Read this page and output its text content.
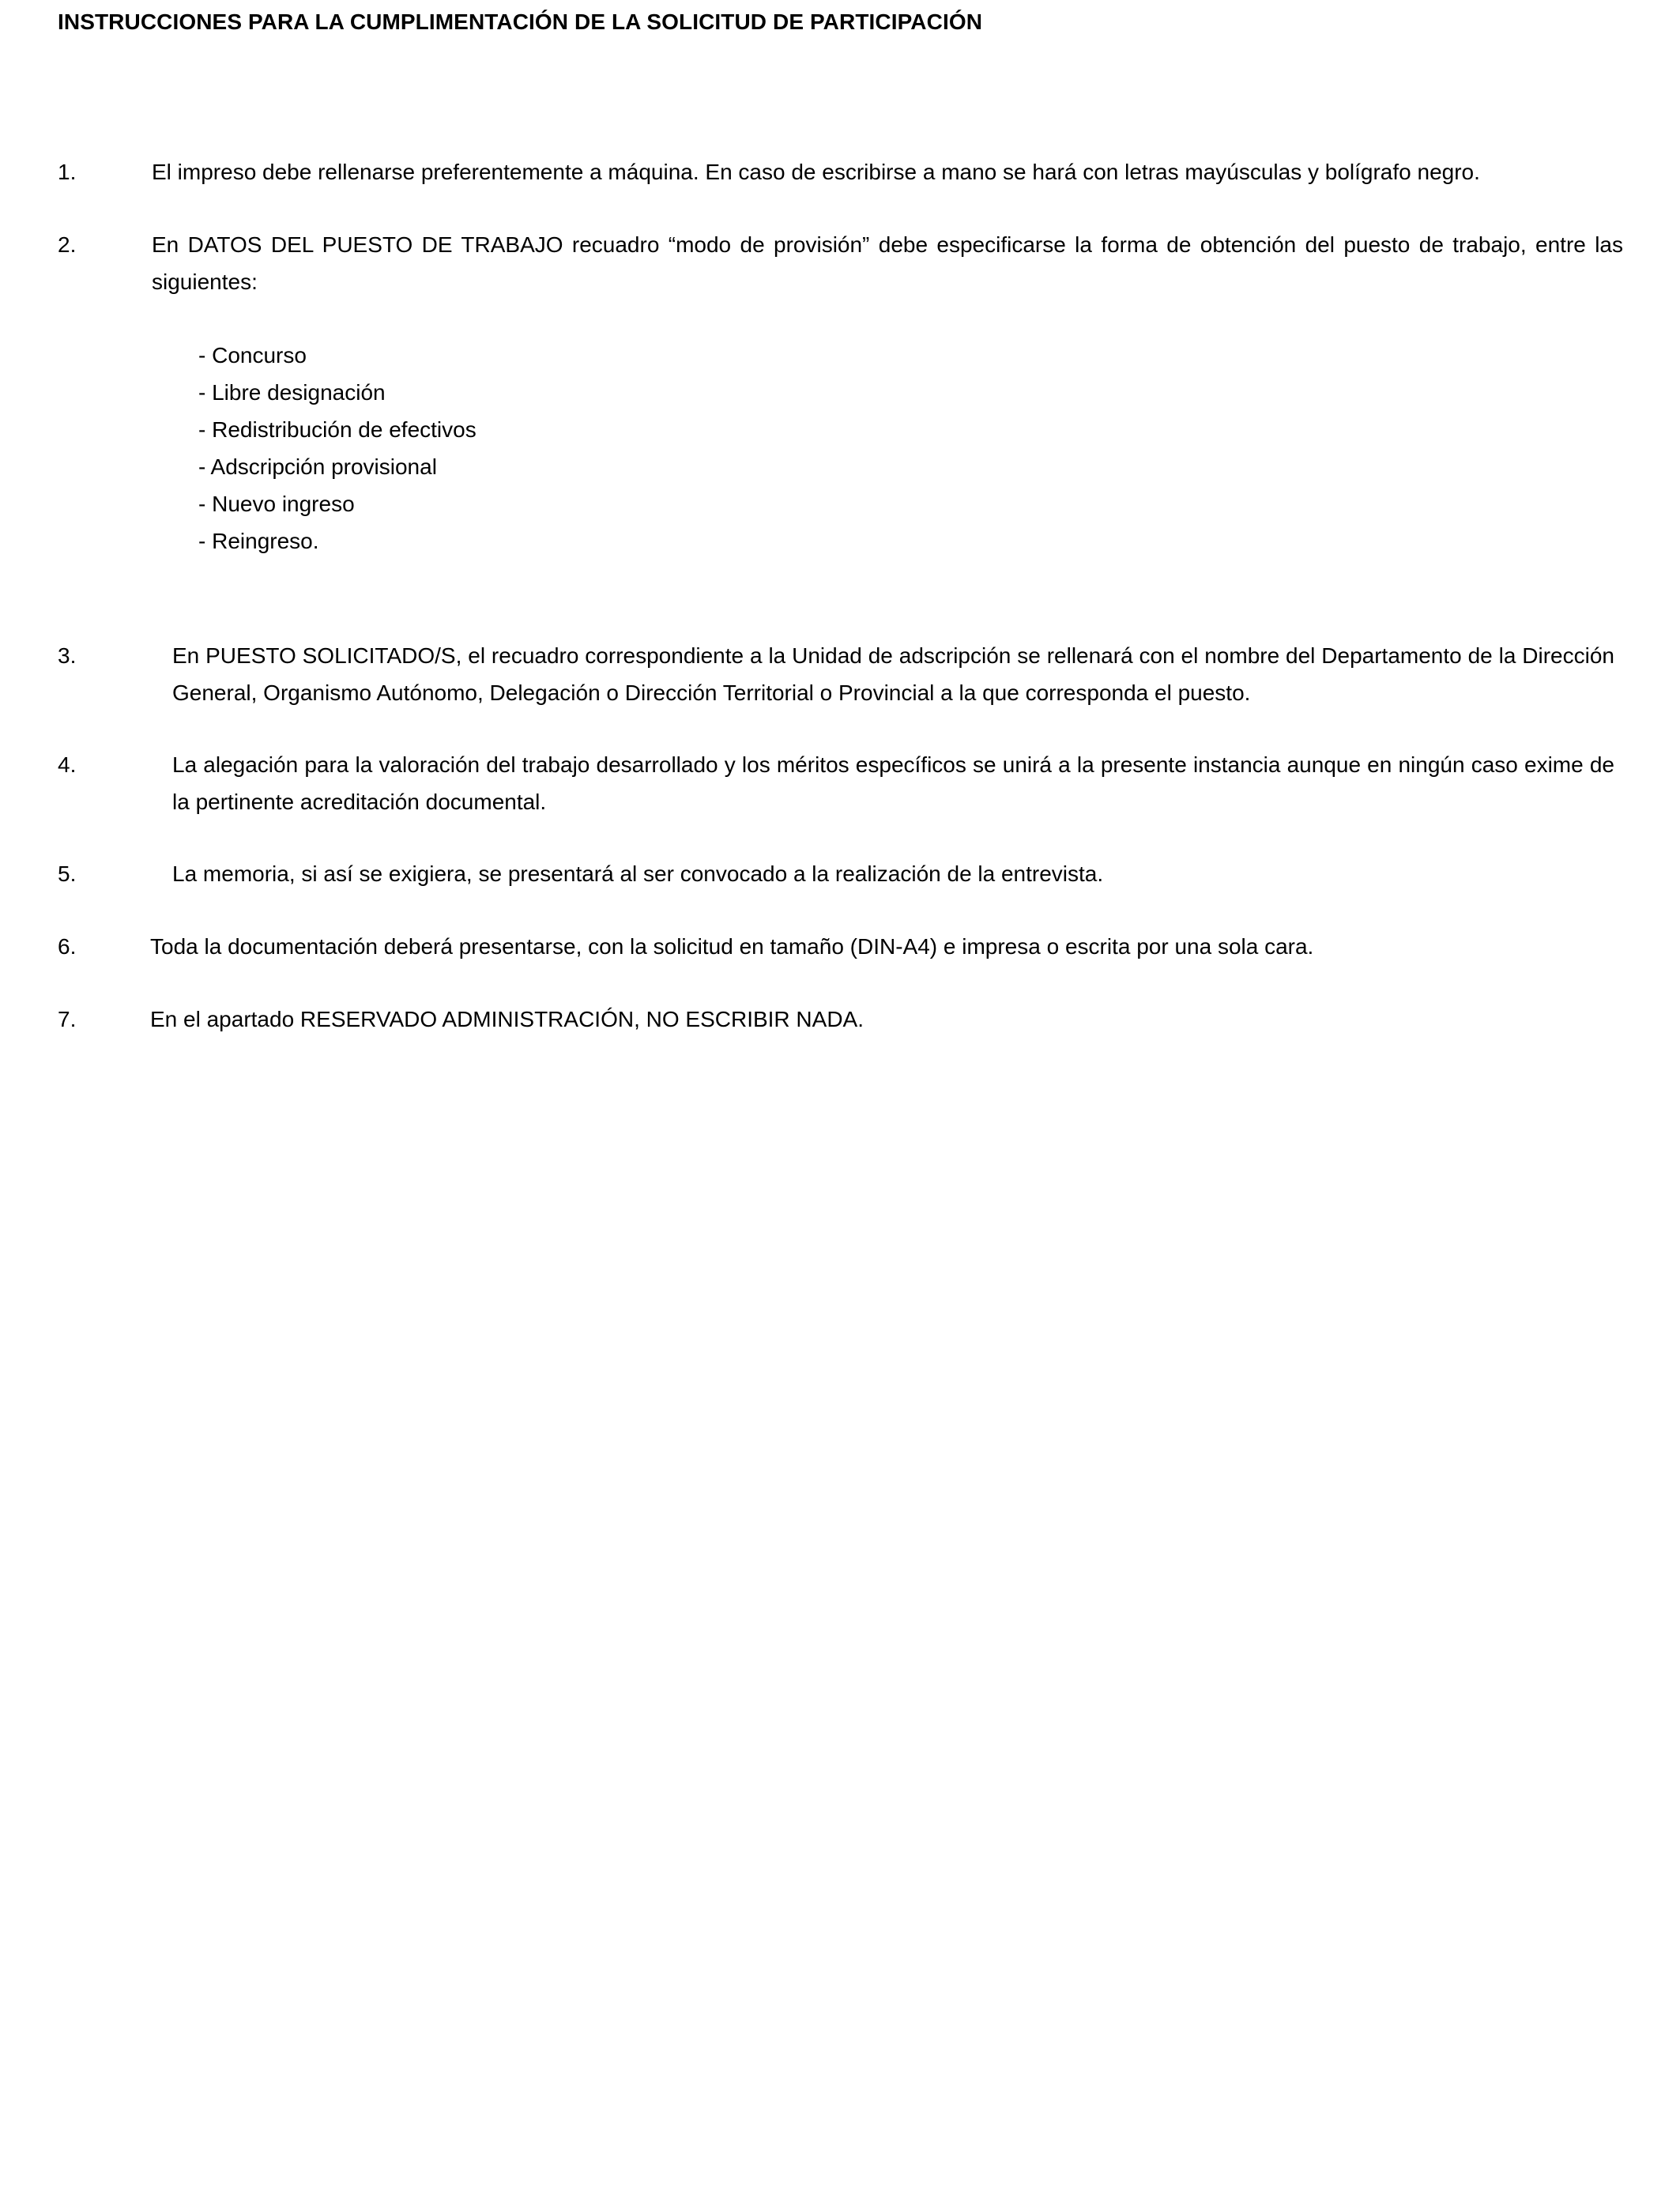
INSTRUCCIONES PARA LA CUMPLIMENTACIÓN DE LA SOLICITUD DE PARTICIPACIÓN
1.	El impreso debe rellenarse preferentemente a máquina. En caso de escribirse a mano se hará con letras mayúsculas y bolígrafo negro.
2.	En DATOS DEL PUESTO DE TRABAJO recuadro “modo de provisión” debe especificarse la forma de obtención del puesto de trabajo, entre las siguientes:
- Concurso
- Libre designación
- Redistribución de efectivos
- Adscripción provisional
- Nuevo ingreso
- Reingreso.
3.	En PUESTO SOLICITADO/S, el recuadro correspondiente a la Unidad de adscripción se rellenará con el nombre del Departamento de la Dirección General, Organismo Autónomo, Delegación o Dirección Territorial o Provincial a la que corresponda el puesto.
4.	La alegación para la valoración del trabajo desarrollado y los méritos específicos se unirá a la presente instancia aunque en ningún caso exime de la pertinente acreditación documental.
5.	La memoria, si así se exigiera, se presentará al ser convocado a la realización de la entrevista.
6.	Toda la documentación deberá presentarse, con la solicitud en tamaño (DIN-A4) e impresa o escrita por una sola cara.
7.	En el apartado RESERVADO ADMINISTRACIÓN, NO ESCRIBIR NADA.
